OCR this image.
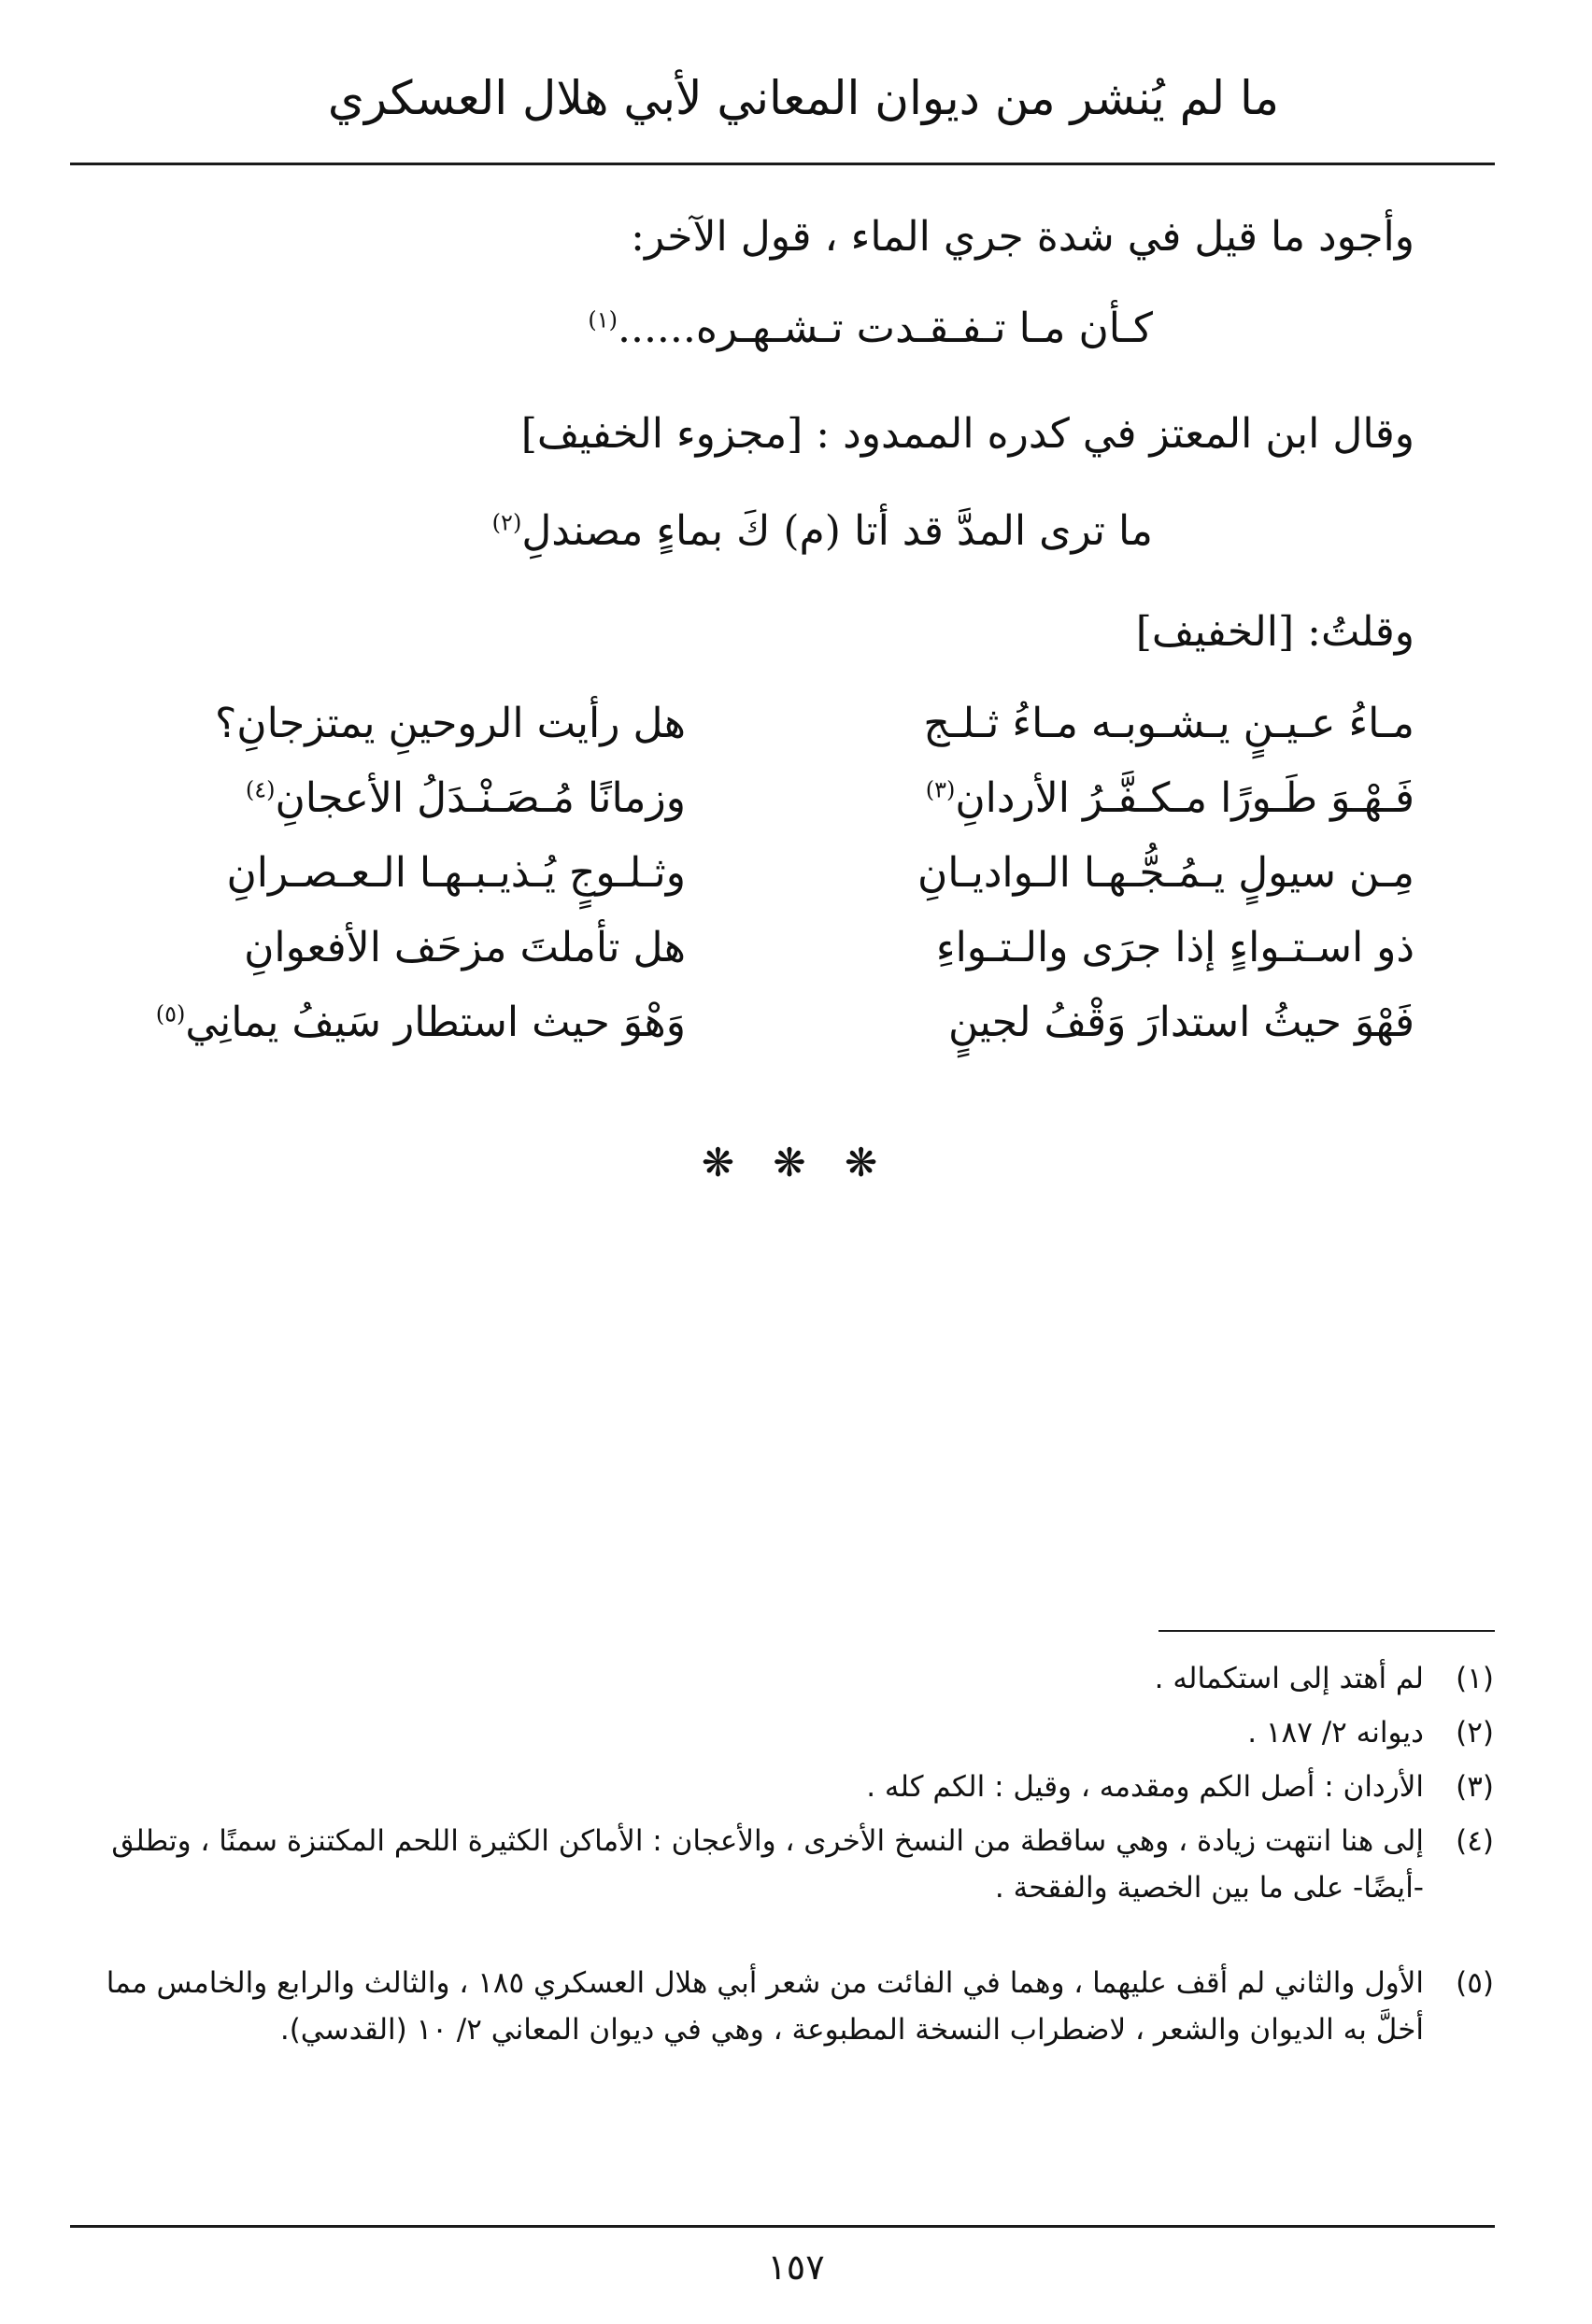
ما لم يُنشر من ديوان المعاني لأبي هلال العسكري
وأجود ما قيل في شدة جري الماء ، قول الآخر:
كـأن مـا تـفـقـدت تـشـهـره......$^{(١)}$
وقال ابن المعتز في كدره الممدود : [مجزوء الخفيف]
ما ترى المدَّ قد أتا (م) كَ بماءٍ مصندلِ$^{(٢)}$
وقلتُ: [الخفيف]
مـاءُ عـيـنٍ يـشـوبـه مـاءُ ثـلـج
هل رأيت الروحينِ يمتزجانِ؟
فَـهْـوَ طَـورًا مـكـفَّـرُ الأردانِ$^{(٣)}$
وزمانًا مُـصَـنْـدَلُ الأعجانِ$^{(٤)}$
مِـن سيولٍ يـمُـجُّـهـا الـواديـانِ
وثـلـوجٍ يُـذيـبـهـا الـعـصـرانِ
ذو اسـتـواءٍ إذا جرَى والـتـواءِ
هل تأملتَ مزحَف الأفعوانِ
فَهْوَ حيثُ استدارَ وَقْفُ لجينٍ
وَهْوَ حيث استطار سَيفُ يمانِي$^{(٥)}$
❋ ❋ ❋
(١)
لم أهتد إلى استكماله .
(٢)
ديوانه ٢/ ١٨٧ .
(٣)
الأردان : أصل الكم ومقدمه ، وقيل : الكم كله .
(٤)
إلى هنا انتهت زيادة ، وهي ساقطة من النسخ الأخرى ، والأعجان : الأماكن الكثيرة اللحم المكتنزة سمنًا ، وتطلق -أيضًا- على ما بين الخصية والفقحة .
(٥)
الأول والثاني لم أقف عليهما ، وهما في الفائت من شعر أبي هلال العسكري ١٨٥ ، والثالث والرابع والخامس مما أخلَّ به الديوان والشعر ، لاضطراب النسخة المطبوعة ، وهي في ديوان المعاني ٢/ ١٠ (القدسي).
١٥٧
